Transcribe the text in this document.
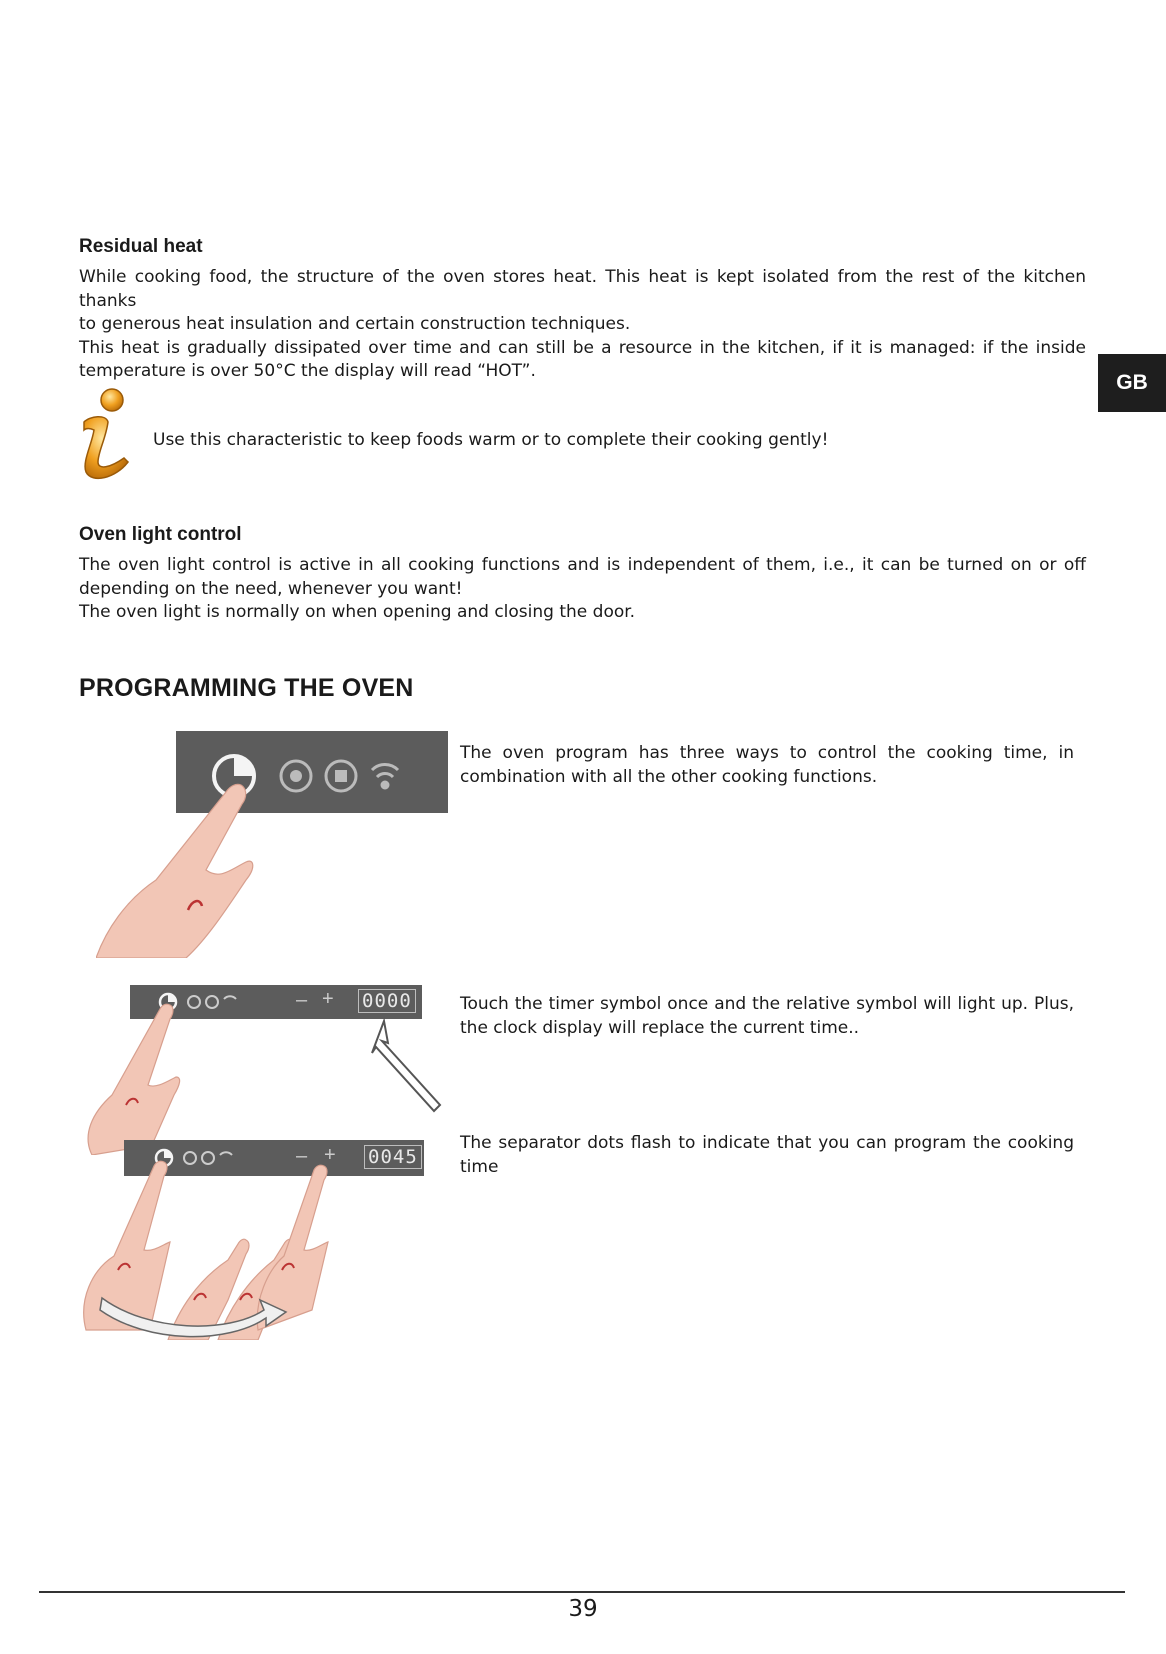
GB
Residual heat

While cooking food, the structure of the oven stores heat. This heat is kept isolated from the rest of the kitchen thanks
to generous heat insulation and certain construction techniques.
This heat is gradually dissipated over time and can still be a resource in the kitchen, if it is managed: if the inside
temperature is over 50°C the display will read “HOT”.

Use this characteristic to keep foods warm or to complete their cooking gently!
Oven light control

The oven light control is active in all cooking functions and is independent of them, i.e., it can be turned on or off
depending on the need, whenever you want!
The oven light is normally on when opening and closing the door.

PROGRAMMING THE OVEN

The oven program has three ways to control the cooking time, in
combination with all the other cooking functions.

– + 0000	Touch the timer symbol once and the relative symbol will light up. Plus,
the clock display will replace the current time..

– + 0045

The separator dots flash to indicate that you can program the cooking
time

39
